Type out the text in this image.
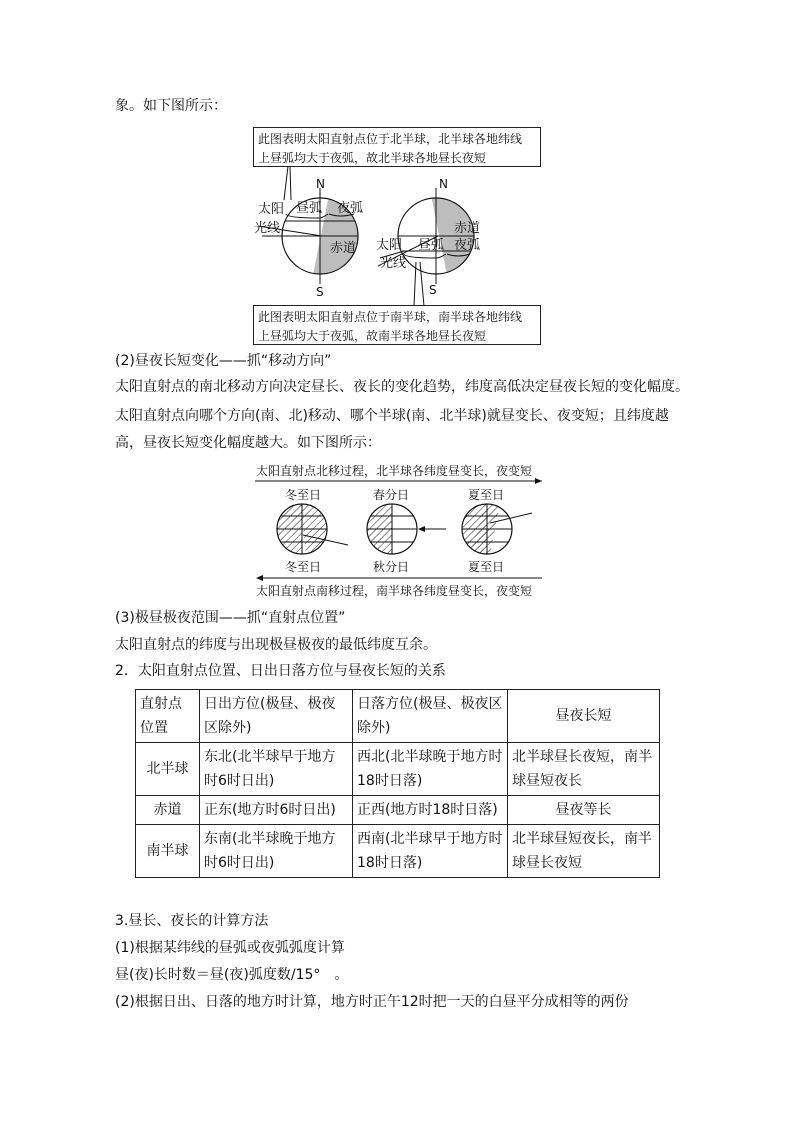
象。如下图所示：
此图表明太阳直射点位于北半球，北半球各地纬线
上昼弧均大于夜弧，故北半球各地昼长夜短
N
S
太阳
光线
昼弧 夜弧
赤道
N
S
太阳
光线
昼弧 夜弧
赤道
此图表明太阳直射点位于南半球，南半球各地纬线
上昼弧均大于夜弧，故南半球各地昼长夜短
(2)昼夜长短变化——抓“移动方向”
太阳直射点的南北移动方向决定昼长、夜长的变化趋势，纬度高低决定昼夜长短的变化幅度。
太阳直射点向哪个方向(南、北)移动、哪个半球(南、北半球)就昼变长、夜变短；且纬度越
高，昼夜长短变化幅度越大。如下图所示：
太阳直射点北移过程，北半球各纬度昼变长，夜变短
冬至日	春分日	夏至日
冬至日	秋分日	夏至日
太阳直射点南移过程，南半球各纬度昼变长，夜变短
(3)极昼极夜范围——抓“直射点位置”
太阳直射点的纬度与出现极昼极夜的最低纬度互余。
2．太阳直射点位置、日出日落方位与昼夜长短的关系
直射点位置	日出方位(极昼、极夜区除外)	日落方位(极昼、极夜区除外)	昼夜长短
北半球	东北(北半球早于地方时6时日出)	西北(北半球晚于地方时18时日落)	北半球昼长夜短，南半球昼短夜长
赤道	正东(地方时6时日出)	正西(地方时18时日落)	昼夜等长
南半球	东南(北半球晚于地方时6时日出)	西南(北半球早于地方时18时日落)	北半球昼短夜长，南半球昼长夜短
3.昼长、夜长的计算方法
(1)根据某纬线的昼弧或夜弧弧度计算
昼(夜)长时数＝昼(夜)弧度数/15°　。
(2)根据日出、日落的地方时计算，地方时正午12时把一天的白昼平分成相等的两份
